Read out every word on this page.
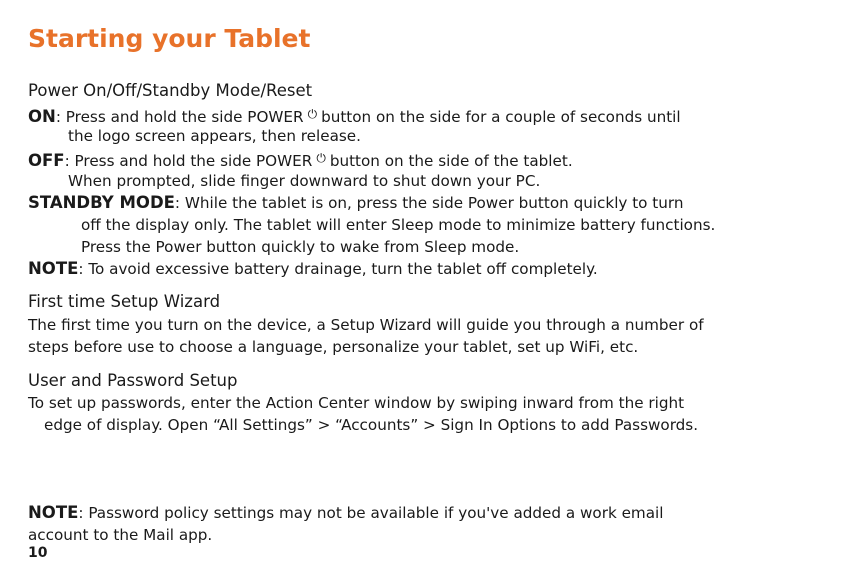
Starting your Tablet
Power On/Off/Standby Mode/Reset
ON: Press and hold the side POWER ⏻ button on the side for a couple of seconds until
the logo screen appears, then release.
OFF: Press and hold the side POWER ⏻ button on the side of the tablet.
When prompted, slide finger downward to shut down your PC.
STANDBY MODE: While the tablet is on, press the side Power button quickly to turn
off the display only. The tablet will enter Sleep mode to minimize battery functions.
Press the Power button quickly to wake from Sleep mode.
NOTE: To avoid excessive battery drainage, turn the tablet off completely.
First time Setup Wizard
The first time you turn on the device, a Setup Wizard will guide you through a number of
steps before use to choose a language, personalize your tablet, set up WiFi, etc.
User and Password Setup
To set up passwords, enter the Action Center window by swiping inward from the right
edge of display. Open “All Settings” > “Accounts” > Sign In Options to add Passwords.
NOTE: Password policy settings may not be available if you've added a work email
account to the Mail app.
10
